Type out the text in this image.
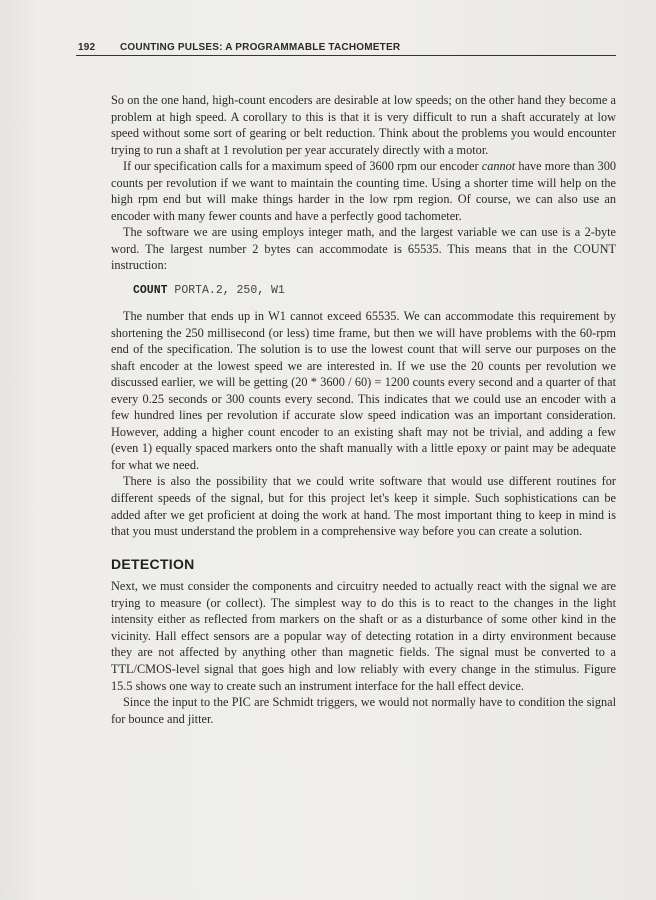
192 COUNTING PULSES: A PROGRAMMABLE TACHOMETER

So on the one hand, high-count encoders are desirable at low speeds; on the other hand they become a problem at high speed. A corollary to this is that it is very difficult to run a shaft accurately at low speed without some sort of gearing or belt reduction. Think about the problems you would encounter trying to run a shaft at 1 revolution per year accurately directly with a motor.

If our specification calls for a maximum speed of 3600 rpm our encoder cannot have more than 300 counts per revolution if we want to maintain the counting time. Using a shorter time will help on the high rpm end but will make things harder in the low rpm region. Of course, we can also use an encoder with many fewer counts and have a perfectly good tachometer.

The software we are using employs integer math, and the largest variable we can use is a 2-byte word. The largest number 2 bytes can accommodate is 65535. This means that in the COUNT instruction:

COUNT PORTA.2, 250, W1

The number that ends up in W1 cannot exceed 65535. We can accommodate this requirement by shortening the 250 millisecond (or less) time frame, but then we will have problems with the 60-rpm end of the specification. The solution is to use the lowest count that will serve our purposes on the shaft encoder at the lowest speed we are interested in. If we use the 20 counts per revolution we discussed earlier, we will be getting (20 * 3600 / 60) = 1200 counts every second and a quarter of that every 0.25 seconds or 300 counts every second. This indicates that we could use an encoder with a few hundred lines per revolution if accurate slow speed indication was an important consideration. However, adding a higher count encoder to an existing shaft may not be trivial, and adding a few (even 1) equally spaced markers onto the shaft manually with a little epoxy or paint may be adequate for what we need.

There is also the possibility that we could write software that would use different routines for different speeds of the signal, but for this project let's keep it simple. Such sophistications can be added after we get proficient at doing the work at hand. The most important thing to keep in mind is that you must understand the problem in a comprehensive way before you can create a solution.

DETECTION

Next, we must consider the components and circuitry needed to actually react with the signal we are trying to measure (or collect). The simplest way to do this is to react to the changes in the light intensity either as reflected from markers on the shaft or as a disturbance of some other kind in the vicinity. Hall effect sensors are a popular way of detecting rotation in a dirty environment because they are not affected by anything other than magnetic fields. The signal must be converted to a TTL/CMOS-level signal that goes high and low reliably with every change in the stimulus. Figure 15.5 shows one way to create such an instrument interface for the hall effect device.

Since the input to the PIC are Schmidt triggers, we would not normally have to condition the signal for bounce and jitter.
